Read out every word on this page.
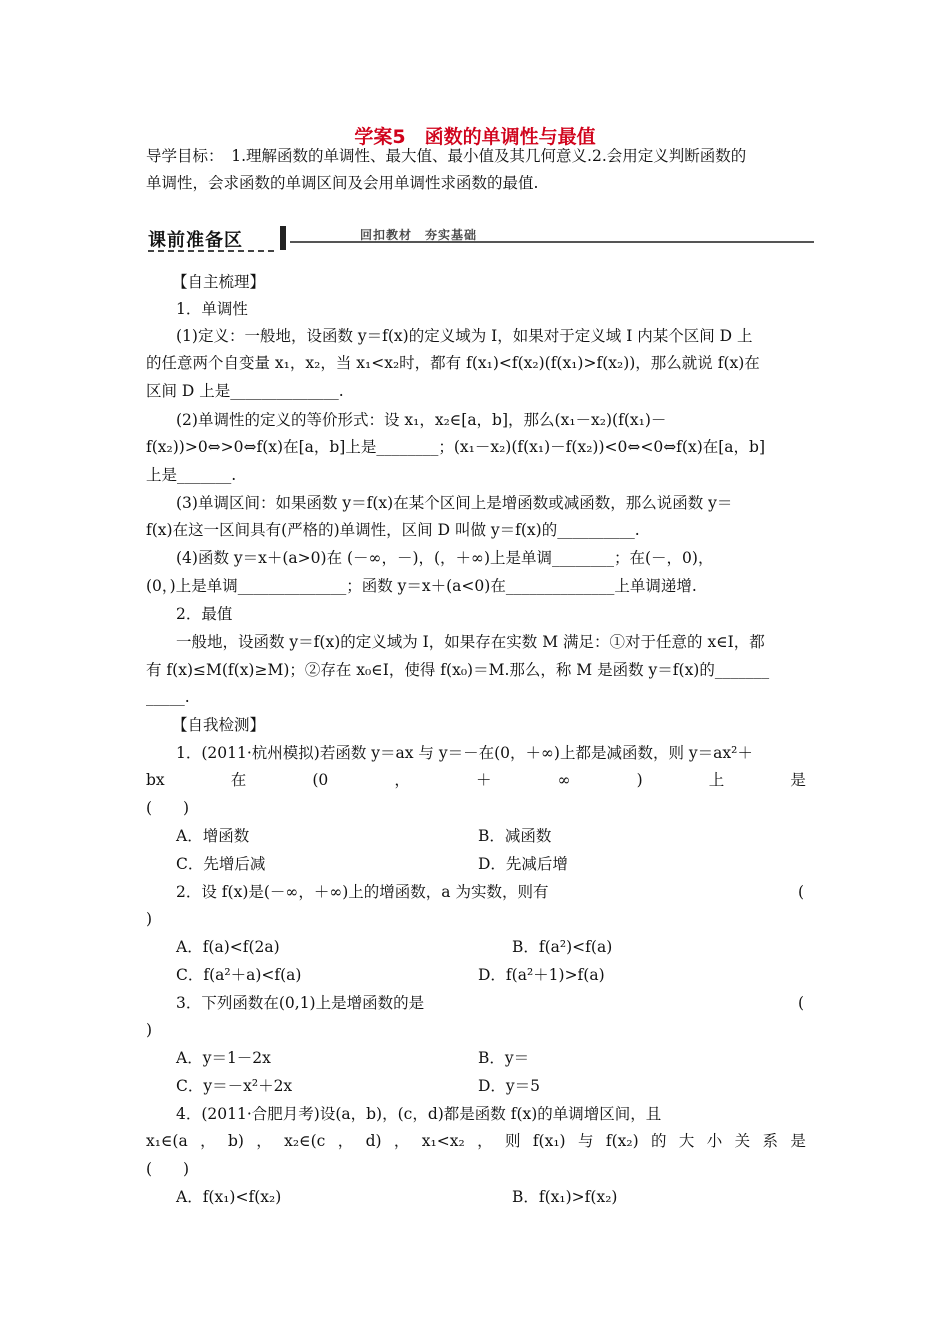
学案5　函数的单调性与最值
导学目标：　1.理解函数的单调性、最大值、最小值及其几何意义.2.会用定义判断函数的
单调性，会求函数的单调区间及会用单调性求函数的最值.
课前准备区	回扣教材　夯实基础
【自主梳理】
1．单调性
(1)定义：一般地，设函数 y＝f(x)的定义域为 I，如果对于定义域 I 内某个区间 D 上
的任意两个自变量 x₁，x₂，当 x₁<x₂时，都有 f(x₁)<f(x₂)(f(x₁)>f(x₂))，那么就说 f(x)在
区间 D 上是______________.
(2)单调性的定义的等价形式：设 x₁，x₂∈[a，b]，那么(x₁－x₂)(f(x₁)－
f(x₂))>0⇔>0⇔f(x)在[a，b]上是________；(x₁－x₂)(f(x₁)－f(x₂))<0⇔<0⇔f(x)在[a，b]
上是_______.
(3)单调区间：如果函数 y＝f(x)在某个区间上是增函数或减函数，那么说函数 y＝
f(x)在这一区间具有(严格的)单调性，区间 D 叫做 y＝f(x)的__________.
(4)函数 y＝x＋(a>0)在 (－∞，－)，(，＋∞)上是单调________；在(－，0)，
(0，)上是单调______________；函数 y＝x＋(a<0)在______________上单调递增.
2．最值
一般地，设函数 y＝f(x)的定义域为 I，如果存在实数 M 满足：①对于任意的 x∈I，都
有 f(x)≤M(f(x)≥M)；②存在 x₀∈I，使得 f(x₀)＝M.那么，称 M 是函数 y＝f(x)的_______
_____.
【自我检测】
1．(2011·杭州模拟)若函数 y＝ax 与 y＝－在(0，＋∞)上都是减函数，则 y＝ax²＋
bx	在	(0	，	＋	∞	)	上	是
(　　)
A．增函数	B．减函数
C．先增后减	D．先减后增
2．设 f(x)是(－∞，＋∞)上的增函数，a 为实数，则有	(
)
A．f(a)<f(2a)	B．f(a²)<f(a)
C．f(a²＋a)<f(a)	D．f(a²＋1)>f(a)
3．下列函数在(0,1)上是增函数的是	(
)
A．y＝1－2x	B．y＝
C．y＝－x²＋2x	D．y＝5
4．(2011·合肥月考)设(a，b)，(c，d)都是函数 f(x)的单调增区间，且
x₁∈(a ， b) ， x₂∈(c ， d) ， x₁<x₂ ， 则 f(x₁) 与 f(x₂) 的 大 小 关 系 是
(　　)
A．f(x₁)<f(x₂)	B．f(x₁)>f(x₂)
